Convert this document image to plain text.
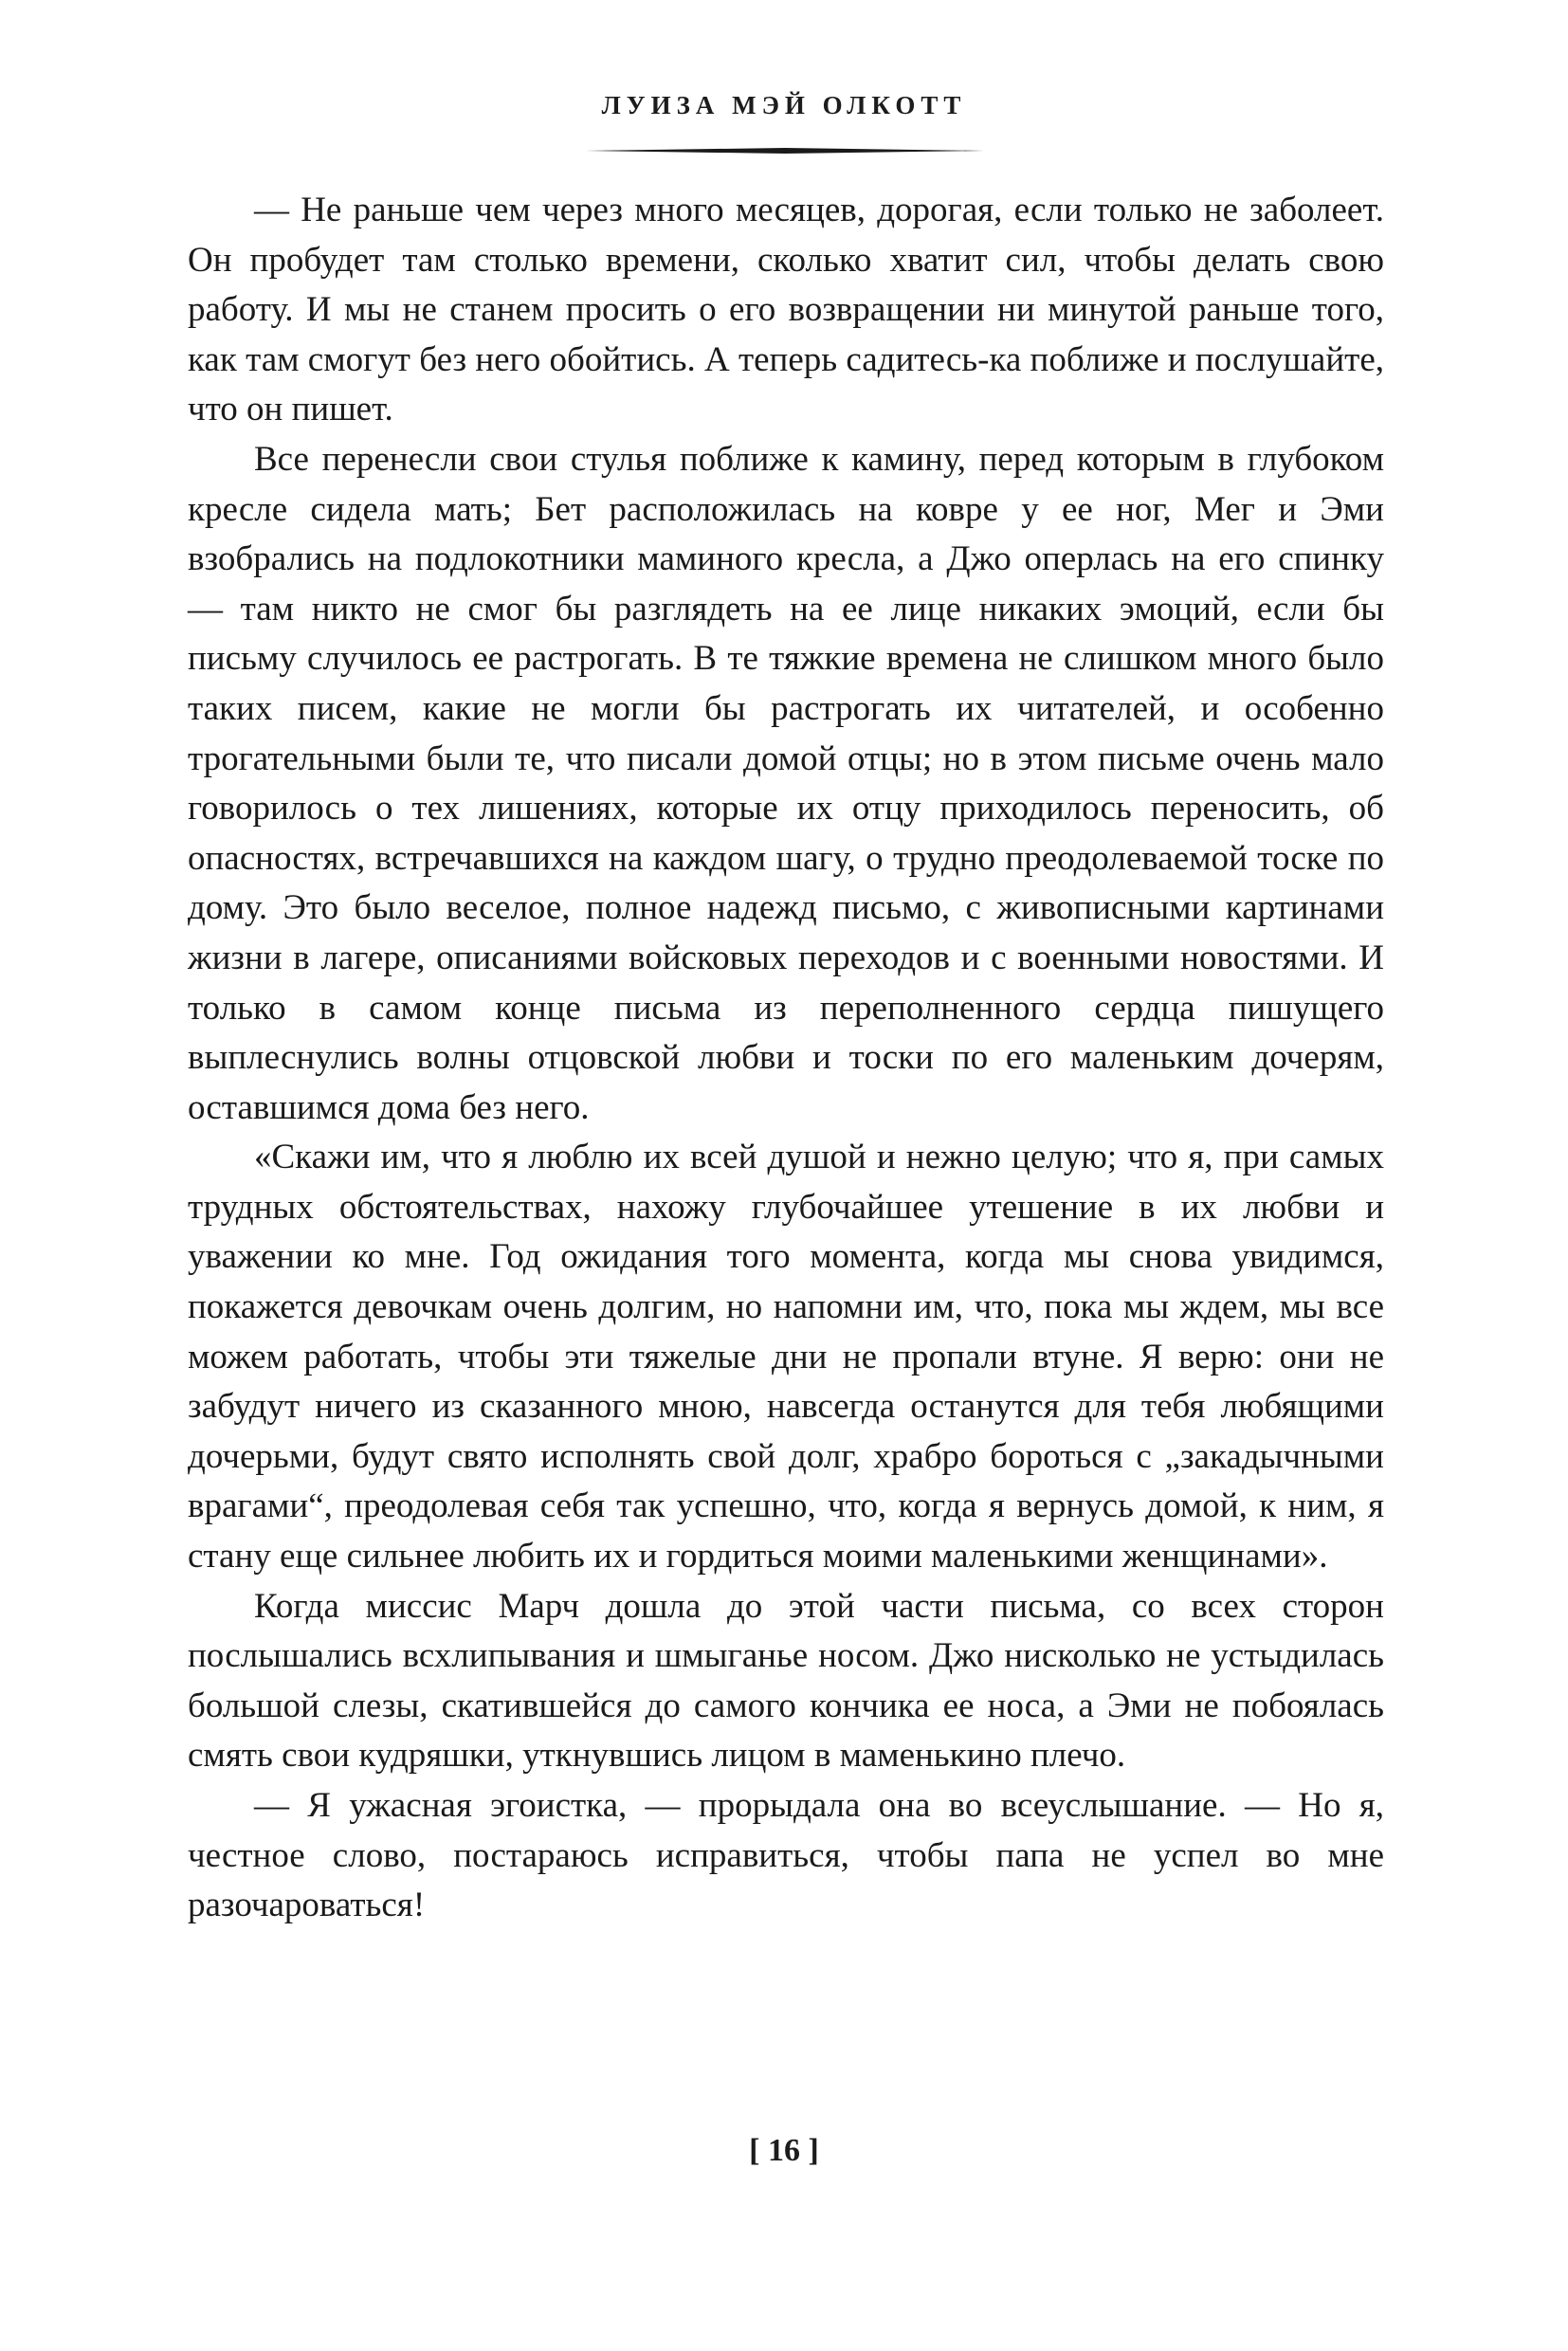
ЛУИЗА МЭЙ ОЛКОТТ

— Не раньше чем через много месяцев, дорогая, если только не заболеет. Он пробудет там столько времени, сколько хватит сил, чтобы делать свою работу. И мы не станем просить о его возвращении ни минутой раньше того, как там смогут без него обойтись. А теперь садитесь-ка поближе и послушайте, что он пишет.

Все перенесли свои стулья поближе к камину, перед которым в глубоком кресле сидела мать; Бет расположилась на ковре у ее ног, Мег и Эми взобрались на подлокотники маминого кресла, а Джо оперлась на его спинку — там никто не смог бы разглядеть на ее лице никаких эмоций, если бы письму случилось ее растрогать. В те тяжкие времена не слишком много было таких писем, какие не могли бы растрогать их читателей, и особенно трогательными были те, что писали домой отцы; но в этом письме очень мало говорилось о тех лишениях, которые их отцу приходилось переносить, об опасностях, встречавшихся на каждом шагу, о трудно преодолеваемой тоске по дому. Это было веселое, полное надежд письмо, с живописными картинами жизни в лагере, описаниями войсковых переходов и с военными новостями. И только в самом конце письма из переполненного сердца пишущего выплеснулись волны отцовской любви и тоски по его маленьким дочерям, оставшимся дома без него.

«Скажи им, что я люблю их всей душой и нежно целую; что я, при самых трудных обстоятельствах, нахожу глубочайшее утешение в их любви и уважении ко мне. Год ожидания того момента, когда мы снова увидимся, покажется девочкам очень долгим, но напомни им, что, пока мы ждем, мы все можем работать, чтобы эти тяжелые дни не пропали втуне. Я верю: они не забудут ничего из сказанного мною, навсегда останутся для тебя любящими дочерьми, будут свято исполнять свой долг, храбро бороться с „закадычными врагами“, преодолевая себя так успешно, что, когда я вернусь домой, к ним, я стану еще сильнее любить их и гордиться моими маленькими женщинами».

Когда миссис Марч дошла до этой части письма, со всех сторон послышались всхлипывания и шмыганье носом. Джо нисколько не устыдилась большой слезы, скатившейся до самого кончика ее носа, а Эми не побоялась смять свои кудряшки, уткнувшись лицом в маменькино плечо.

— Я ужасная эгоистка, — прорыдала она во всеуслышание. — Но я, честное слово, постараюсь исправиться, чтобы папа не успел во мне разочароваться!

[ 16 ]
